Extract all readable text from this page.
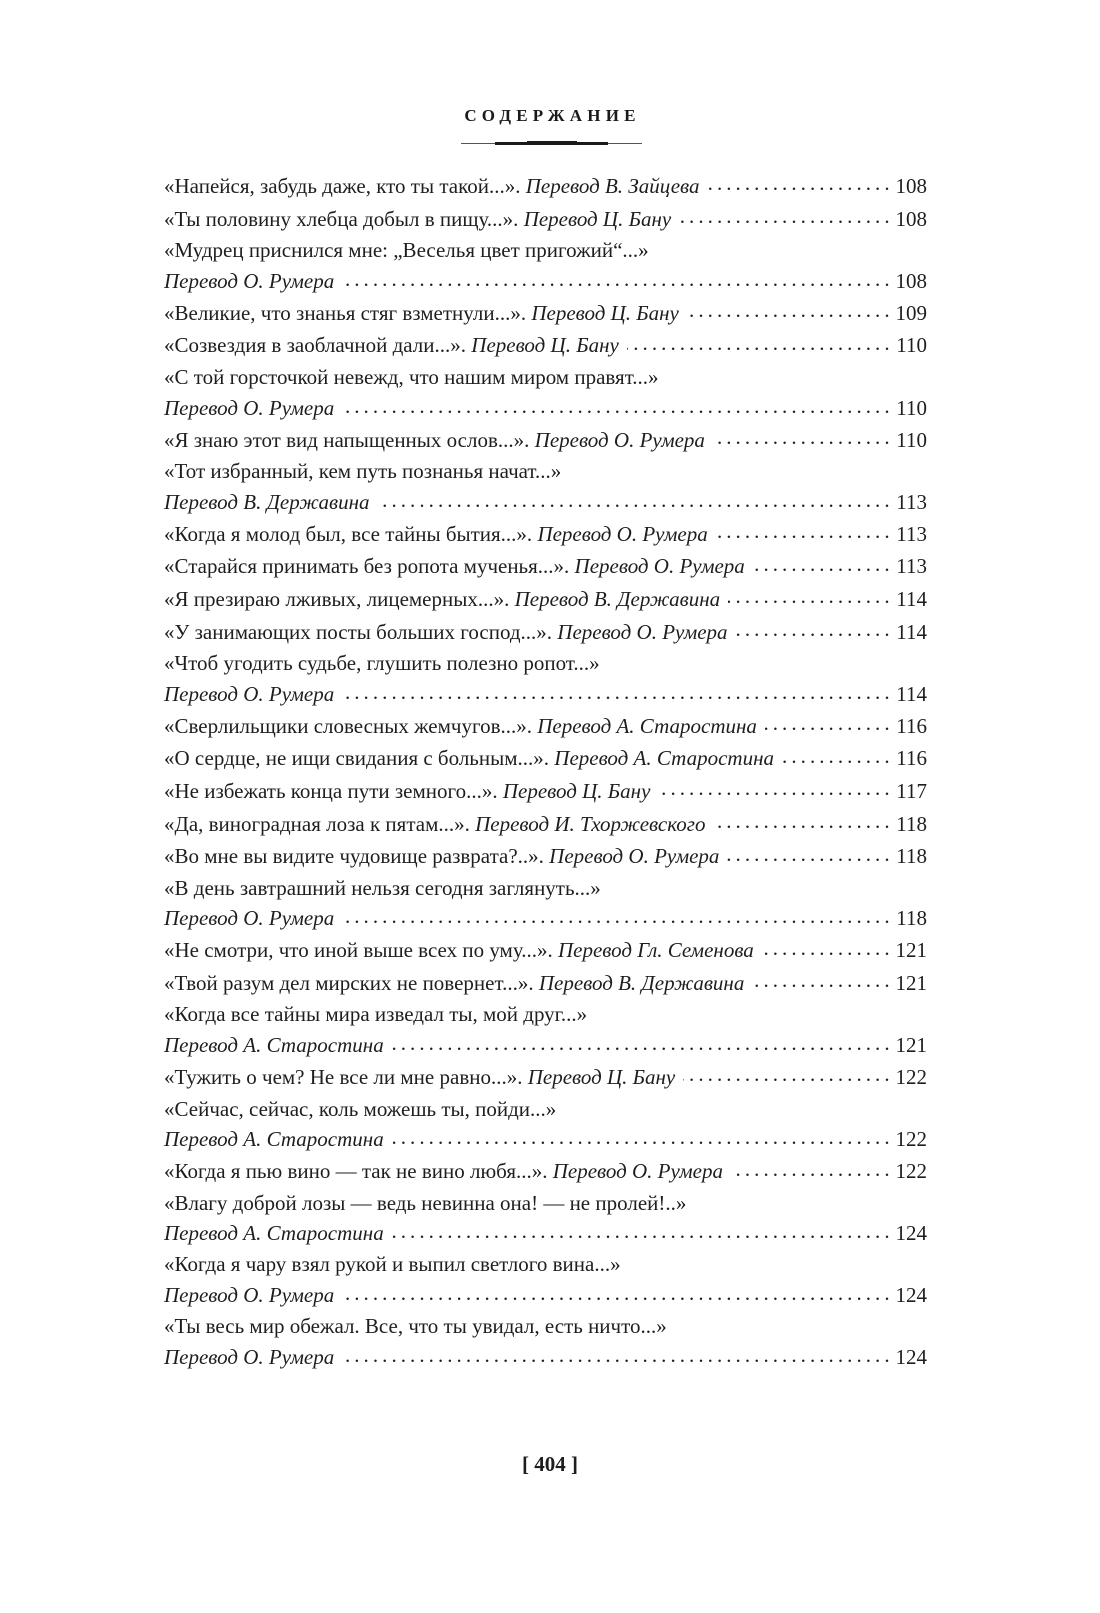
СОДЕРЖАНИЕ
«Напейся, забудь даже, кто ты такой...». Перевод В. Зайцева . . .	108
«Ты половину хлебца добыл в пищу...». Перевод Ц. Бану . . .	108
«Мудрец приснился мне: „Веселья цвет пригожий“...»
Перевод О. Румера . . .	108
«Великие, что знанья стяг взметнули...». Перевод Ц. Бану . . .	109
«Созвездия в заоблачной дали...». Перевод Ц. Бану . . .	110
«С той горсточкой невежд, что нашим миром правят...»
Перевод О. Румера . . .	110
«Я знаю этот вид напыщенных ослов...». Перевод О. Румера . . .	110
«Тот избранный, кем путь познанья начат...»
Перевод В. Державина . . .	113
«Когда я молод был, все тайны бытия...». Перевод О. Румера . . .	113
«Старайся принимать без ропота мученья...». Перевод О. Румера . . .	113
«Я презираю лживых, лицемерных...». Перевод В. Державина . . .	114
«У занимающих посты больших господ...». Перевод О. Румера . . .	114
«Чтоб угодить судьбе, глушить полезно ропот...»
Перевод О. Румера . . .	114
«Сверлильщики словесных жемчугов...». Перевод А. Старостина . . .	116
«О сердце, не ищи свидания с больным...». Перевод А. Старостина . . .	116
«Не избежать конца пути земного...». Перевод Ц. Бану . . .	117
«Да, виноградная лоза к пятам...». Перевод И. Тхоржевского . . .	118
«Во мне вы видите чудовище разврата?..». Перевод О. Румера . . .	118
«В день завтрашний нельзя сегодня заглянуть...»
Перевод О. Румера . . .	118
«Не смотри, что иной выше всех по уму...». Перевод Гл. Семенова . . .	121
«Твой разум дел мирских не повернет...». Перевод В. Державина . . .	121
«Когда все тайны мира изведал ты, мой друг...»
Перевод А. Старостина . . .	121
«Тужить о чем? Не все ли мне равно...». Перевод Ц. Бану . . .	122
«Сейчас, сейчас, коль можешь ты, пойди...»
Перевод А. Старостина . . .	122
«Когда я пью вино — так не вино любя...». Перевод О. Румера . . .	122
«Влагу доброй лозы — ведь невинна она! — не пролей!..»
Перевод А. Старостина . . .	124
«Когда я чару взял рукой и выпил светлого вина...»
Перевод О. Румера . . .	124
«Ты весь мир обежал. Все, что ты увидал, есть ничто...»
Перевод О. Румера . . .	124
[ 404 ]
